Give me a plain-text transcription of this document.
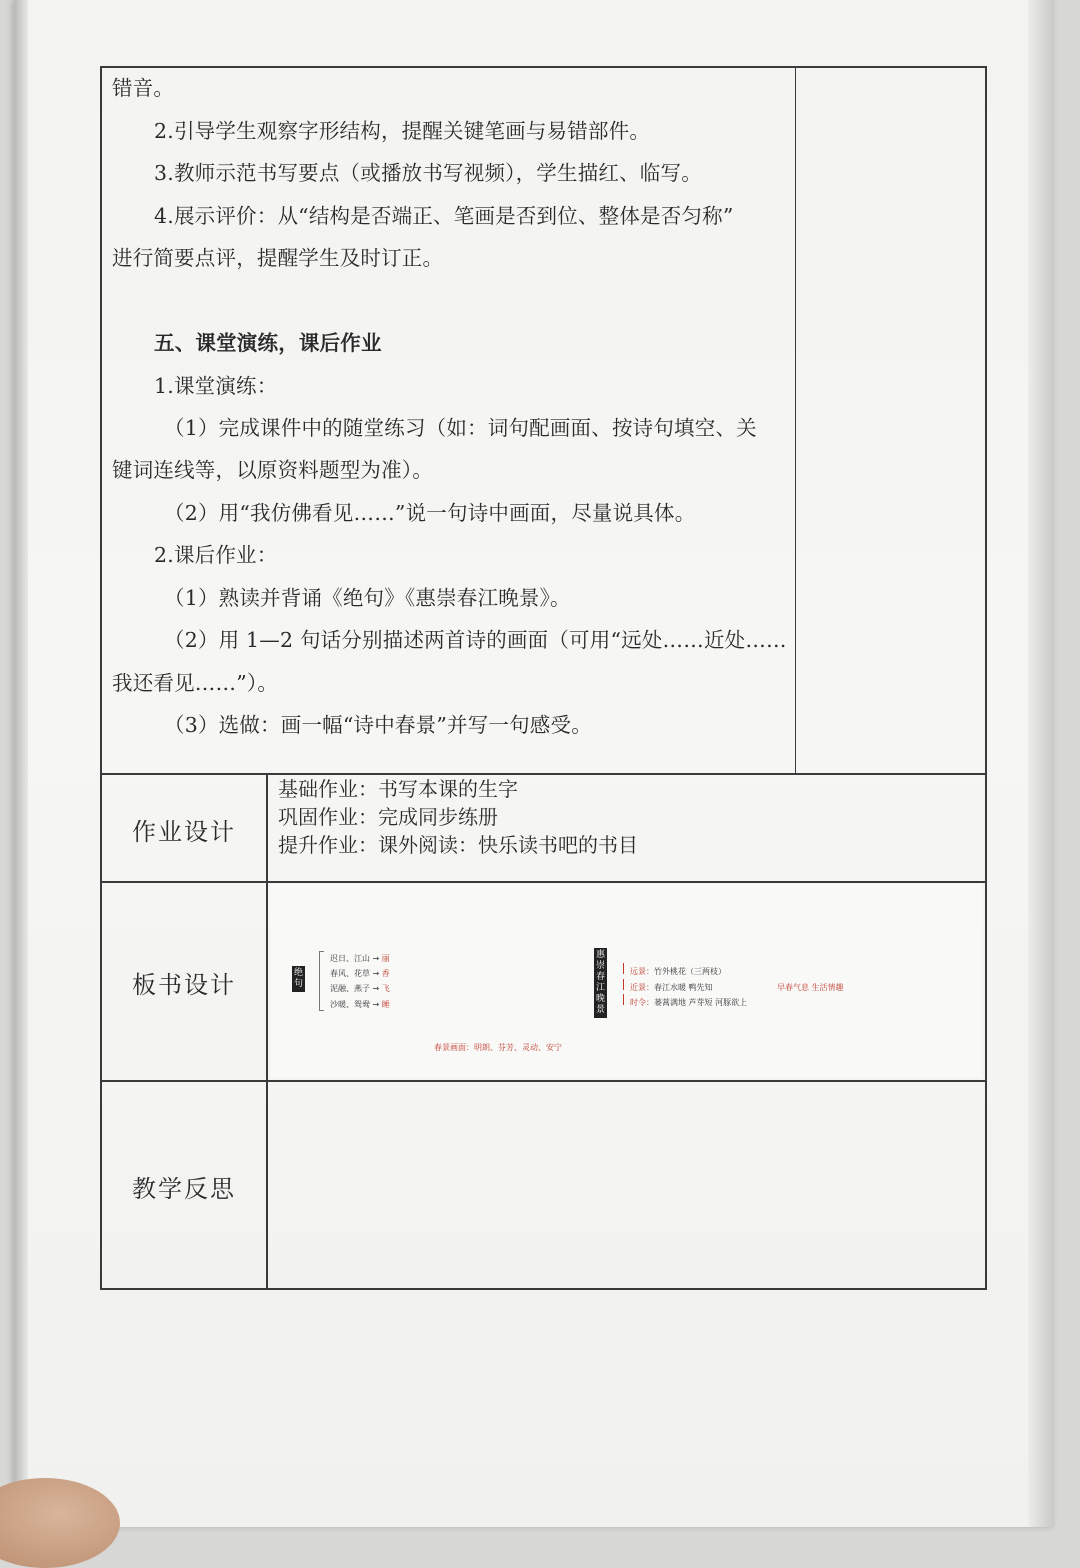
错音。
2.引导学生观察字形结构，提醒关键笔画与易错部件。
3.教师示范书写要点（或播放书写视频），学生描红、临写。
4.展示评价：从“结构是否端正、笔画是否到位、整体是否匀称”
进行简要点评，提醒学生及时订正。
五、课堂演练，课后作业
1.课堂演练：
（1）完成课件中的随堂练习（如：词句配画面、按诗句填空、关
键词连线等，以原资料题型为准）。
（2）用“我仿佛看见……”说一句诗中画面，尽量说具体。
2.课后作业：
（1）熟读并背诵《绝句》《惠崇春江晚景》。
（2）用 1—2 句话分别描述两首诗的画面（可用“远处……近处……
我还看见……”）。
（3）选做：画一幅“诗中春景”并写一句感受。
作业设计
基础作业：书写本课的生字
巩固作业：完成同步练册
提升作业：课外阅读：快乐读书吧的书目
板书设计	绝句
迟日、江山 → 丽
春风、花草 → 香
泥融、燕子 → 飞
沙暖、鸳鸯 → 睡
春景画面：明朗、芬芳、灵动、安宁
惠崇春江晚景
远景：竹外桃花（三两枝）
近景：春江水暖 鸭先知
时令：蒌蒿满地 芦芽短 河豚欲上
早春气息 生活情趣
教学反思
